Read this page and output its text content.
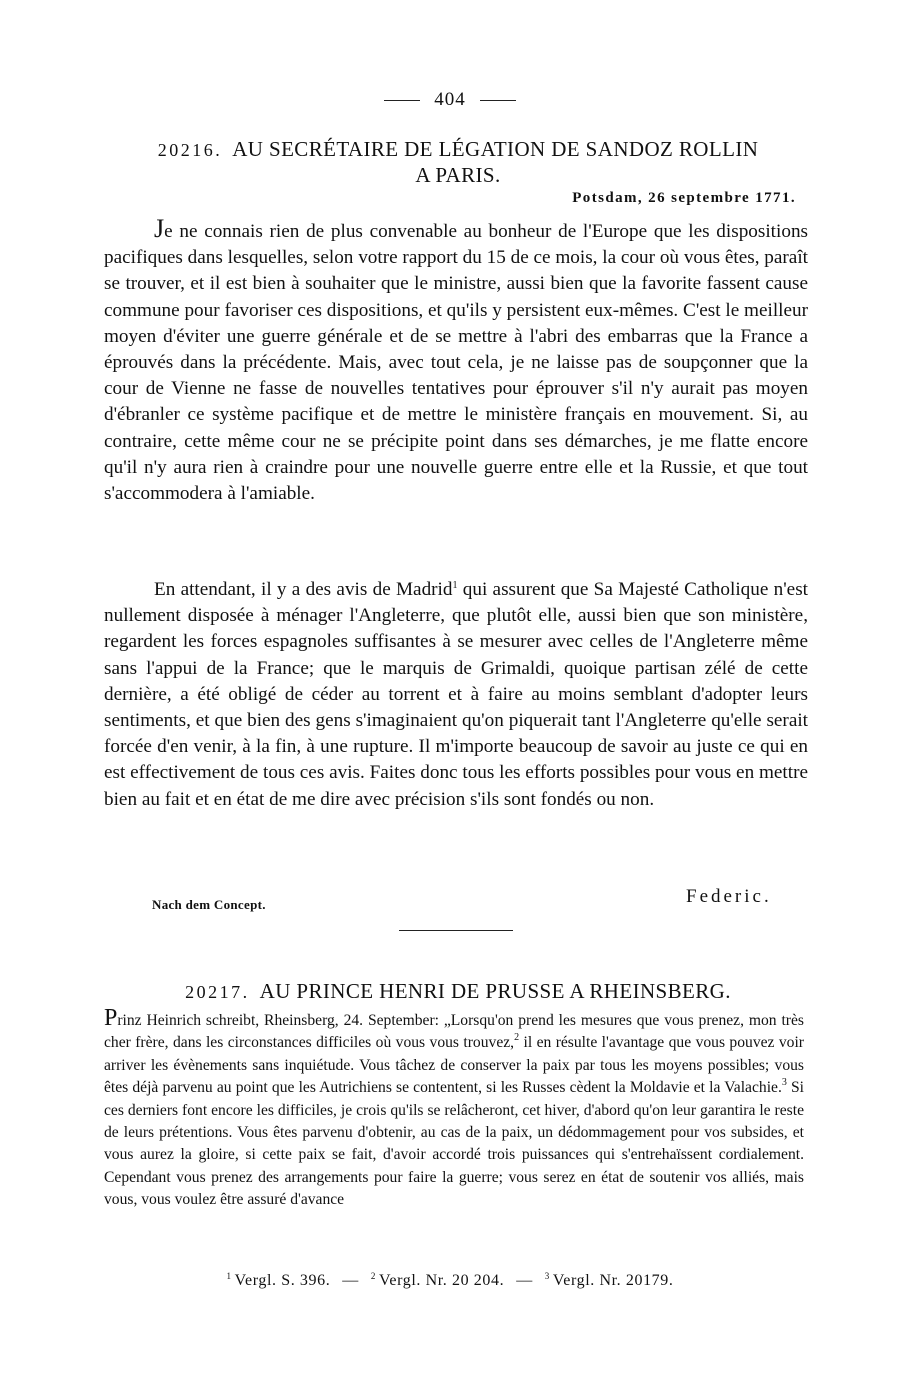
404
20216. AU SECRÉTAIRE DE LÉGATION DE SANDOZ ROLLIN
A PARIS.
Potsdam, 26 septembre 1771.

Je ne connais rien de plus convenable au bonheur de l'Europe que les dispositions pacifiques dans lesquelles, selon votre rapport du 15 de ce mois, la cour où vous êtes, paraît se trouver, et il est bien à souhaiter que le ministre, aussi bien que la favorite fassent cause commune pour favoriser ces dispositions, et qu'ils y persistent eux-mêmes. C'est le meilleur moyen d'éviter une guerre générale et de se mettre à l'abri des embarras que la France a éprouvés dans la précédente. Mais, avec tout cela, je ne laisse pas de soupçonner que la cour de Vienne ne fasse de nouvelles tentatives pour éprouver s'il n'y aurait pas moyen d'ébranler ce système pacifique et de mettre le ministère français en mouvement. Si, au contraire, cette même cour ne se précipite point dans ses démarches, je me flatte encore qu'il n'y aura rien à craindre pour une nouvelle guerre entre elle et la Russie, et que tout s'accommodera à l'amiable.

En attendant, il y a des avis de Madrid$^1$ qui assurent que Sa Majesté Catholique n'est nullement disposée à ménager l'Angleterre, que plutôt elle, aussi bien que son ministère, regardent les forces espagnoles suffisantes à se mesurer avec celles de l'Angleterre même sans l'appui de la France; que le marquis de Grimaldi, quoique partisan zélé de cette dernière, a été obligé de céder au torrent et à faire au moins semblant d'adopter leurs sentiments, et que bien des gens s'imaginaient qu'on piquerait tant l'Angleterre qu'elle serait forcée d'en venir, à la fin, à une rupture. Il m'importe beaucoup de savoir au juste ce qui en est effectivement de tous ces avis. Faites donc tous les efforts possibles pour vous en mettre bien au fait et en état de me dire avec précision s'ils sont fondés ou non.

Nach dem Concept.	Federic.
20217. AU PRINCE HENRI DE PRUSSE A RHEINSBERG.

Prinz Heinrich schreibt, Rheinsberg, 24. September: „Lorsqu'on prend les mesures que vous prenez, mon très cher frère, dans les circonstances difficiles où vous vous trouvez,$^2$ il en résulte l'avantage que vous pouvez voir arriver les évènements sans inquiétude. Vous tâchez de conserver la paix par tous les moyens possibles; vous êtes déjà parvenu au point que les Autrichiens se contentent, si les Russes cèdent la Moldavie et la Valachie.$^3$ Si ces derniers font encore les difficiles, je crois qu'ils se relâcheront, cet hiver, d'abord qu'on leur garantira le reste de leurs prétentions. Vous êtes parvenu d'obtenir, au cas de la paix, un dédommagement pour vos subsides, et vous aurez la gloire, si cette paix se fait, d'avoir accordé trois puissances qui s'entrehaïssent cordialement. Cependant vous prenez des arrangements pour faire la guerre; vous serez en état de soutenir vos alliés, mais vous, vous voulez être assuré d'avance

$^1$ Vergl. S. 396. — $^2$ Vergl. Nr. 20 204. — $^3$ Vergl. Nr. 20179.
